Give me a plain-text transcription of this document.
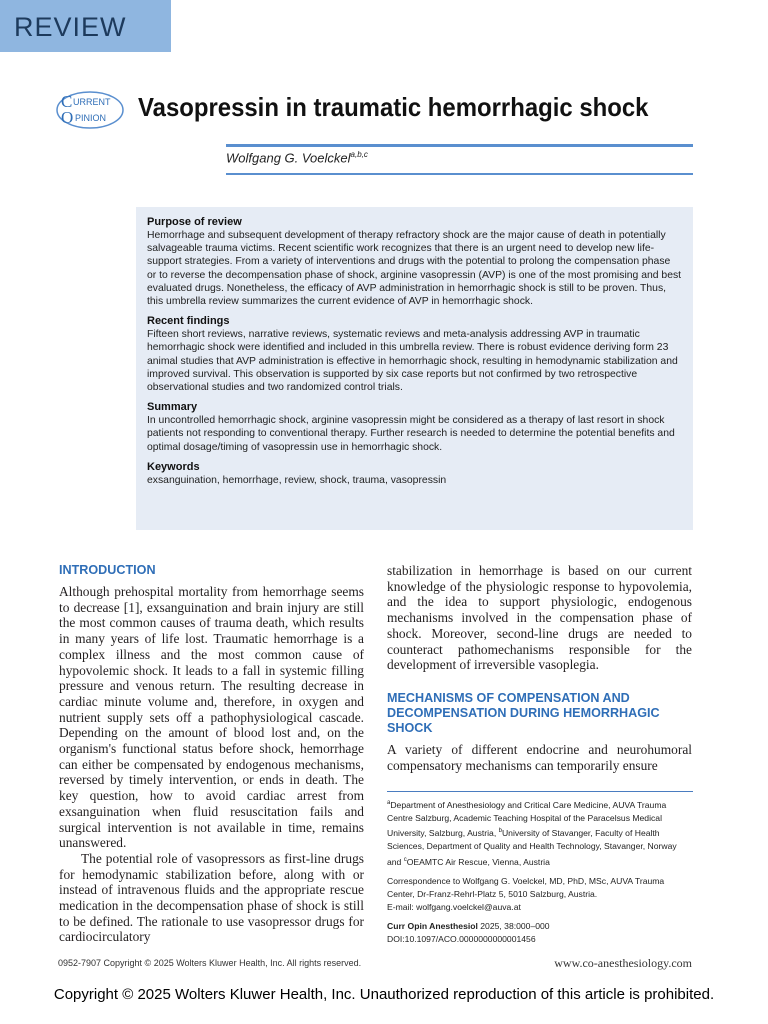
REVIEW
C URRENT
O PINION Vasopressin in traumatic hemorrhagic shock
Wolfgang G. Voelckel$^{a,b,c}$
Purpose of review
Hemorrhage and subsequent development of therapy refractory shock are the major cause of death in potentially salvageable trauma victims. Recent scientific work recognizes that there is an urgent need to develop new life-support strategies. From a variety of interventions and drugs with the potential to prolong the compensation phase or to reverse the decompensation phase of shock, arginine vasopressin (AVP) is one of the most promising and best evaluated drugs. Nonetheless, the efficacy of AVP administration in hemorrhagic shock is still to be proven. Thus, this umbrella review summarizes the current evidence of AVP in hemorrhagic shock.
Recent findings
Fifteen short reviews, narrative reviews, systematic reviews and meta-analysis addressing AVP in traumatic hemorrhagic shock were identified and included in this umbrella review. There is robust evidence deriving form 23 animal studies that AVP administration is effective in hemorrhagic shock, resulting in hemodynamic stabilization and improved survival. This observation is supported by six case reports but not confirmed by two retrospective observational studies and two randomized control trials.
Summary
In uncontrolled hemorrhagic shock, arginine vasopressin might be considered as a therapy of last resort in shock patients not responding to conventional therapy. Further research is needed to determine the potential benefits and optimal dosage/timing of vasopressin use in hemorrhagic shock.
Keywords
exsanguination, hemorrhage, review, shock, trauma, vasopressin
INTRODUCTION

Although prehospital mortality from hemorrhage seems to decrease [1], exsanguination and brain injury are still the most common causes of trauma death, which results in many years of life lost. Traumatic hemorrhage is a complex illness and the most common cause of hypovolemic shock. It leads to a fall in systemic filling pressure and venous return. The resulting decrease in cardiac minute volume and, therefore, in oxygen and nutrient supply sets off a pathophysiological cascade. Depending on the amount of blood lost and, on the organism's functional status before shock, hemorrhage can either be compensated by endogenous mechanisms, reversed by timely intervention, or ends in death. The key question, how to avoid cardiac arrest from exsanguination when fluid resuscitation fails and surgical intervention is not available in time, remains unanswered.

The potential role of vasopressors as first-line drugs for hemodynamic stabilization before, along with or instead of intravenous fluids and the appropriate rescue medication in the decompensation phase of shock is still to be defined. The rationale to use vasopressor drugs for cardiocirculatory

stabilization in hemorrhage is based on our current knowledge of the physiologic response to hypovolemia, and the idea to support physiologic, endogenous mechanisms involved in the compensation phase of shock. Moreover, second-line drugs are needed to counteract pathomechanisms responsible for the development of irreversible vasoplegia.

MECHANISMS OF COMPENSATION AND DECOMPENSATION DURING HEMORRHAGIC SHOCK

A variety of different endocrine and neurohumoral compensatory mechanisms can temporarily ensure

$^a$Department of Anesthesiology and Critical Care Medicine, AUVA Trauma Centre Salzburg, Academic Teaching Hospital of the Paracelsus Medical University, Salzburg, Austria, $^b$University of Stavanger, Faculty of Health Sciences, Department of Quality and Health Technology, Stavanger, Norway and $^c$OEAMTC Air Rescue, Vienna, Austria

Correspondence to Wolfgang G. Voelckel, MD, PhD, MSc, AUVA Trauma Center, Dr-Franz-Rehrl-Platz 5, 5010 Salzburg, Austria.
E-mail: wolfgang.voelckel@auva.at

Curr Opin Anesthesiol 2025, 38:000–000
DOI:10.1097/ACO.0000000000001456

0952-7907 Copyright © 2025 Wolters Kluwer Health, Inc. All rights reserved.	www.co-anesthesiology.com
Copyright © 2025 Wolters Kluwer Health, Inc. Unauthorized reproduction of this article is prohibited.
